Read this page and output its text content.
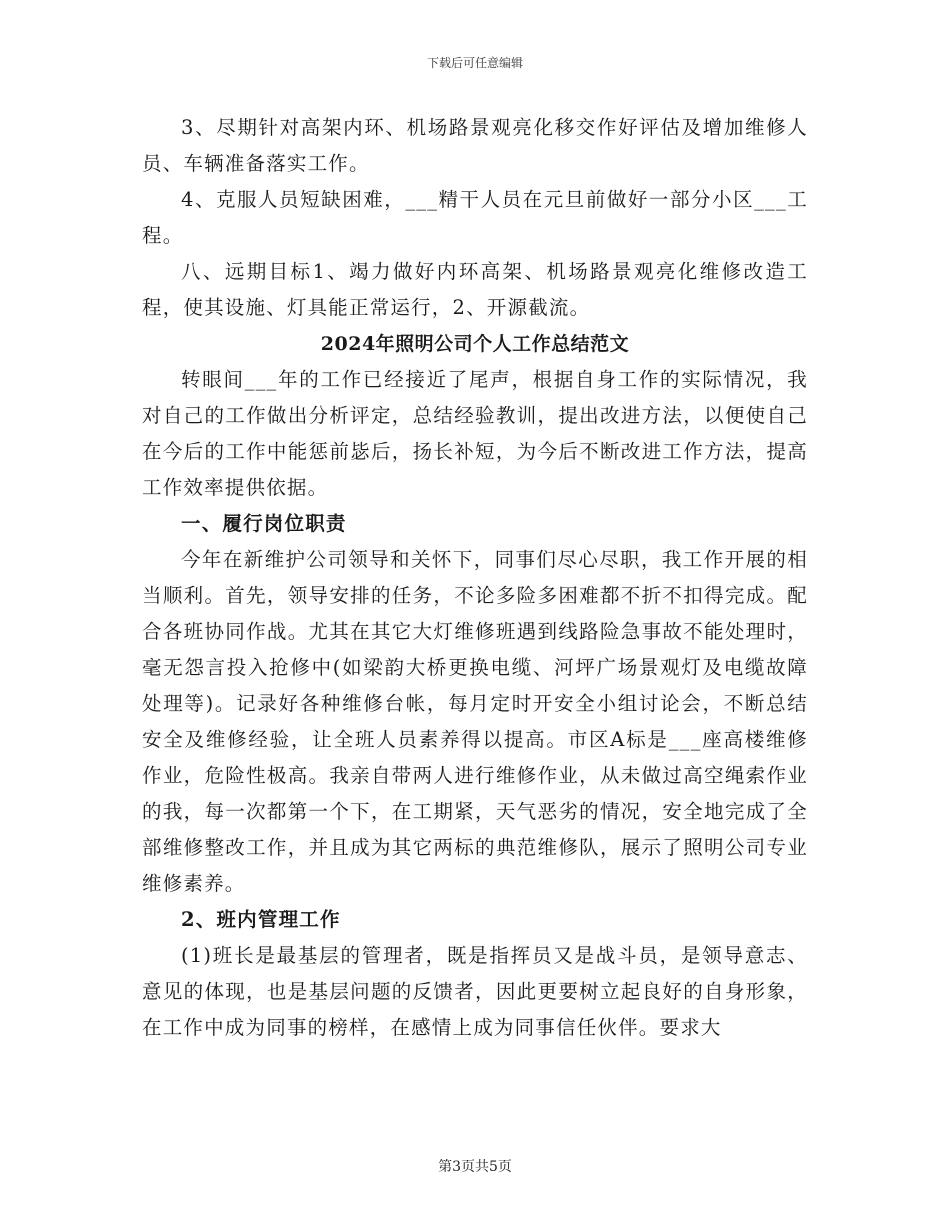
下载后可任意编辑

3、尽期针对高架内环、机场路景观亮化移交作好评估及增加维修人员、车辆准备落实工作。

4、克服人员短缺困难，___精干人员在元旦前做好一部分小区___工程。

八、远期目标1、竭力做好内环高架、机场路景观亮化维修改造工程，使其设施、灯具能正常运行，2、开源截流。

2024年照明公司个人工作总结范文

转眼间___年的工作已经接近了尾声，根据自身工作的实际情况，我对自己的工作做出分析评定，总结经验教训，提出改进方法，以便使自己在今后的工作中能惩前毖后，扬长补短，为今后不断改进工作方法，提高工作效率提供依据。

一、履行岗位职责

今年在新维护公司领导和关怀下，同事们尽心尽职，我工作开展的相当顺利。首先，领导安排的任务，不论多险多困难都不折不扣得完成。配合各班协同作战。尤其在其它大灯维修班遇到线路险急事故不能处理时，毫无怨言投入抢修中(如梁韵大桥更换电缆、河坪广场景观灯及电缆故障处理等)。记录好各种维修台帐，每月定时开安全小组讨论会，不断总结安全及维修经验，让全班人员素养得以提高。市区A标是___座高楼维修作业，危险性极高。我亲自带两人进行维修作业，从未做过高空绳索作业的我，每一次都第一个下，在工期紧，天气恶劣的情况，安全地完成了全部维修整改工作，并且成为其它两标的典范维修队，展示了照明公司专业维修素养。

2、班内管理工作

(1)班长是最基层的管理者，既是指挥员又是战斗员，是领导意志、意见的体现，也是基层问题的反馈者，因此更要树立起良好的自身形象，在工作中成为同事的榜样，在感情上成为同事信任伙伴。要求大

第3页共5页
